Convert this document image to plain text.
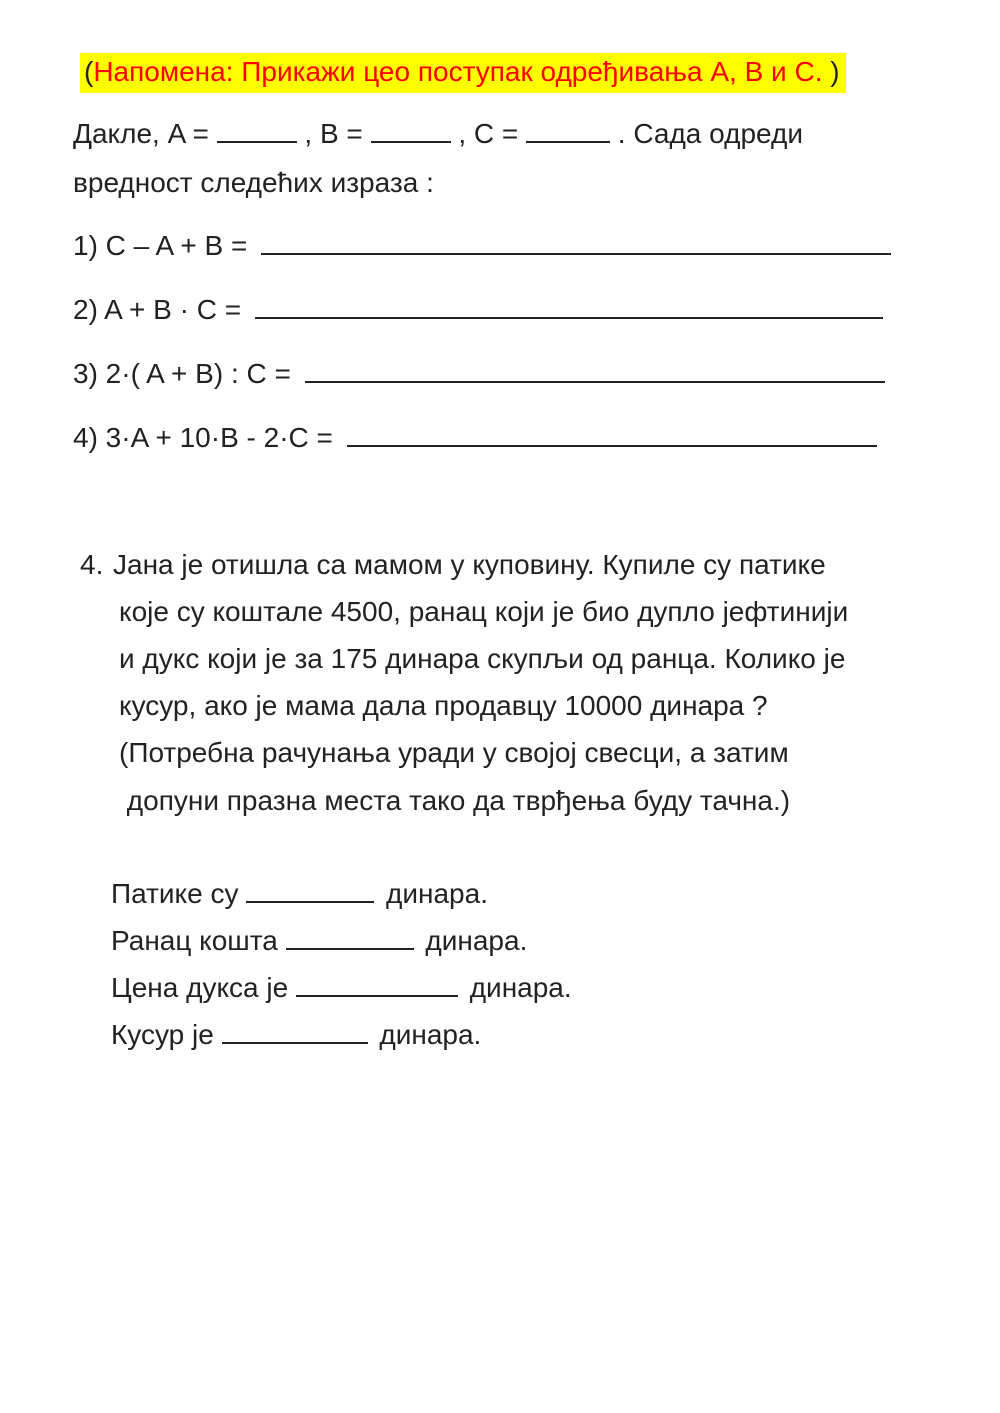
(Напомена: Прикажи цео поступак одређивања A, B и C. )
Дакле, A =	, B =	, C =	. Сада одреди
вредност следећих израза :
1) C – A + B =
2) A + B · C =
3) 2·( A + B) : C =
4) 3·A + 10·B - 2·C =
4. Јана је отишла са мамом у куповину. Купиле су патике
које су коштале 4500, ранац који је био дупло јефтинији
и дукс који је за 175 динара скупљи од ранца. Колико је
кусур, ако је мама дала продавцу 10000 динара ?
(Потребна рачунања уради у својој свесци, а затим
допуни празна места тако да тврђења буду тачна.)
Патике су	динара.
Ранац кошта	динара.
Цена дукса је	динара.
Кусур је	динара.
